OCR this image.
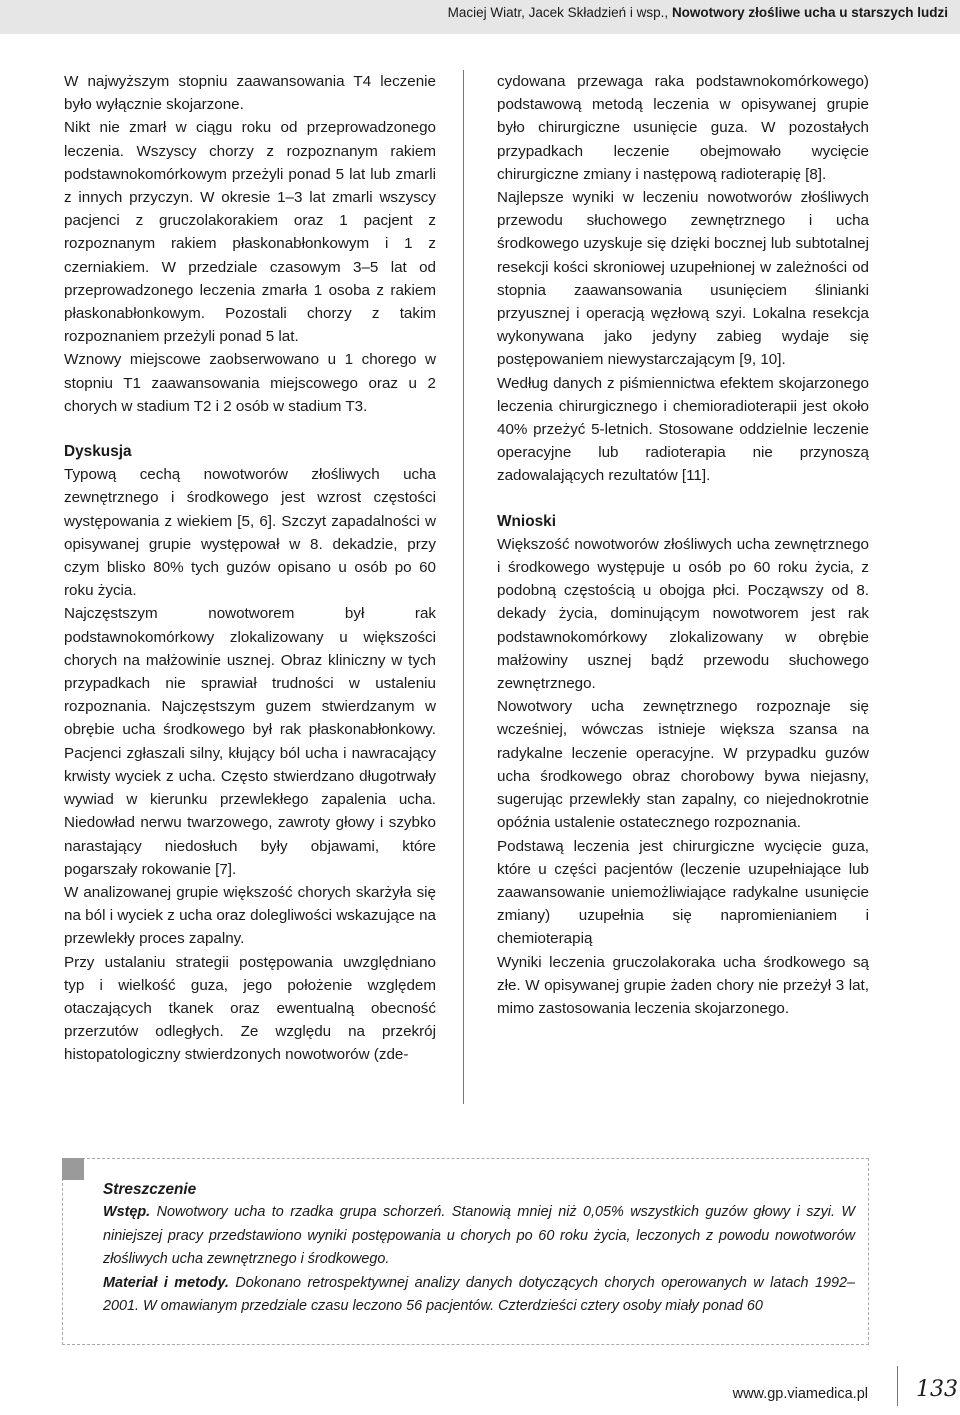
Maciej Wiatr, Jacek Składzień i wsp., Nowotwory złośliwe ucha u starszych ludzi

W najwyższym stopniu zaawansowania T4 leczenie było wyłącznie skojarzone.

Nikt nie zmarł w ciągu roku od przeprowadzonego leczenia. Wszyscy chorzy z rozpoznanym rakiem podstawnokomórkowym przeżyli ponad 5 lat lub zmarli z innych przyczyn. W okresie 1–3 lat zmarli wszyscy pacjenci z gruczolakorakiem oraz 1 pacjent z rozpoznanym rakiem płaskonabłonkowym i 1 z czerniakiem. W przedziale czasowym 3–5 lat od przeprowadzonego leczenia zmarła 1 osoba z rakiem płaskonabłonkowym. Pozostali chorzy z takim rozpoznaniem przeżyli ponad 5 lat.

Wznowy miejscowe zaobserwowano u 1 chorego w stopniu T1 zaawansowania miejscowego oraz u 2 chorych w stadium T2 i 2 osób w stadium T3.

Dyskusja

Typową cechą nowotworów złośliwych ucha zewnętrznego i środkowego jest wzrost częstości występowania z wiekiem [5, 6]. Szczyt zapadalności w opisywanej grupie występował w 8. dekadzie, przy czym blisko 80% tych guzów opisano u osób po 60 roku życia.

Najczęstszym nowotworem był rak podstawnokomórkowy zlokalizowany u większości chorych na małżowinie usznej. Obraz kliniczny w tych przypadkach nie sprawiał trudności w ustaleniu rozpoznania. Najczęstszym guzem stwierdzanym w obrębie ucha środkowego był rak płaskonabłonkowy. Pacjenci zgłaszali silny, kłujący ból ucha i nawracający krwisty wyciek z ucha. Często stwierdzano długotrwały wywiad w kierunku przewlekłego zapalenia ucha. Niedowład nerwu twarzowego, zawroty głowy i szybko narastający niedosłuch były objawami, które pogarszały rokowanie [7].

W analizowanej grupie większość chorych skarżyła się na ból i wyciek z ucha oraz dolegliwości wskazujące na przewlekły proces zapalny.

Przy ustalaniu strategii postępowania uwzględniano typ i wielkość guza, jego położenie względem otaczających tkanek oraz ewentualną obecność przerzutów odległych. Ze względu na przekrój histopatologiczny stwierdzonych nowotworów (zde-

cydowana przewaga raka podstawnokomórkowego) podstawową metodą leczenia w opisywanej grupie było chirurgiczne usunięcie guza. W pozostałych przypadkach leczenie obejmowało wycięcie chirurgiczne zmiany i następową radioterapię [8].

Najlepsze wyniki w leczeniu nowotworów złośliwych przewodu słuchowego zewnętrznego i ucha środkowego uzyskuje się dzięki bocznej lub subtotalnej resekcji kości skroniowej uzupełnionej w zależności od stopnia zaawansowania usunięciem ślinianki przyusznej i operacją węzłową szyi. Lokalna resekcja wykonywana jako jedyny zabieg wydaje się postępowaniem niewystarczającym [9, 10].

Według danych z piśmiennictwa efektem skojarzonego leczenia chirurgicznego i chemioradioterapii jest około 40% przeżyć 5-letnich. Stosowane oddzielnie leczenie operacyjne lub radioterapia nie przynoszą zadowalających rezultatów [11].

Wnioski

Większość nowotworów złośliwych ucha zewnętrznego i środkowego występuje u osób po 60 roku życia, z podobną częstością u obojga płci. Począwszy od 8. dekady życia, dominującym nowotworem jest rak podstawnokomórkowy zlokalizowany w obrębie małżowiny usznej bądź przewodu słuchowego zewnętrznego.

Nowotwory ucha zewnętrznego rozpoznaje się wcześniej, wówczas istnieje większa szansa na radykalne leczenie operacyjne. W przypadku guzów ucha środkowego obraz chorobowy bywa niejasny, sugerując przewlekły stan zapalny, co niejednokrotnie opóźnia ustalenie ostatecznego rozpoznania.

Podstawą leczenia jest chirurgiczne wycięcie guza, które u części pacjentów (leczenie uzupełniające lub zaawansowanie uniemożliwiające radykalne usunięcie zmiany) uzupełnia się napromienianiem i chemioterapią

Wyniki leczenia gruczolakoraka ucha środkowego są złe. W opisywanej grupie żaden chory nie przeżył 3 lat, mimo zastosowania leczenia skojarzonego.

Streszczenie

Wstęp. Nowotwory ucha to rzadka grupa schorzeń. Stanowią mniej niż 0,05% wszystkich guzów głowy i szyi. W niniejszej pracy przedstawiono wyniki postępowania u chorych po 60 roku życia, leczonych z powodu nowotworów złośliwych ucha zewnętrznego i środkowego.

Materiał i metody. Dokonano retrospektywnej analizy danych dotyczących chorych operowanych w latach 1992–2001. W omawianym przedziale czasu leczono 56 pacjentów. Czterdzieści cztery osoby miały ponad 60

www.gp.viamedica.pl 133
